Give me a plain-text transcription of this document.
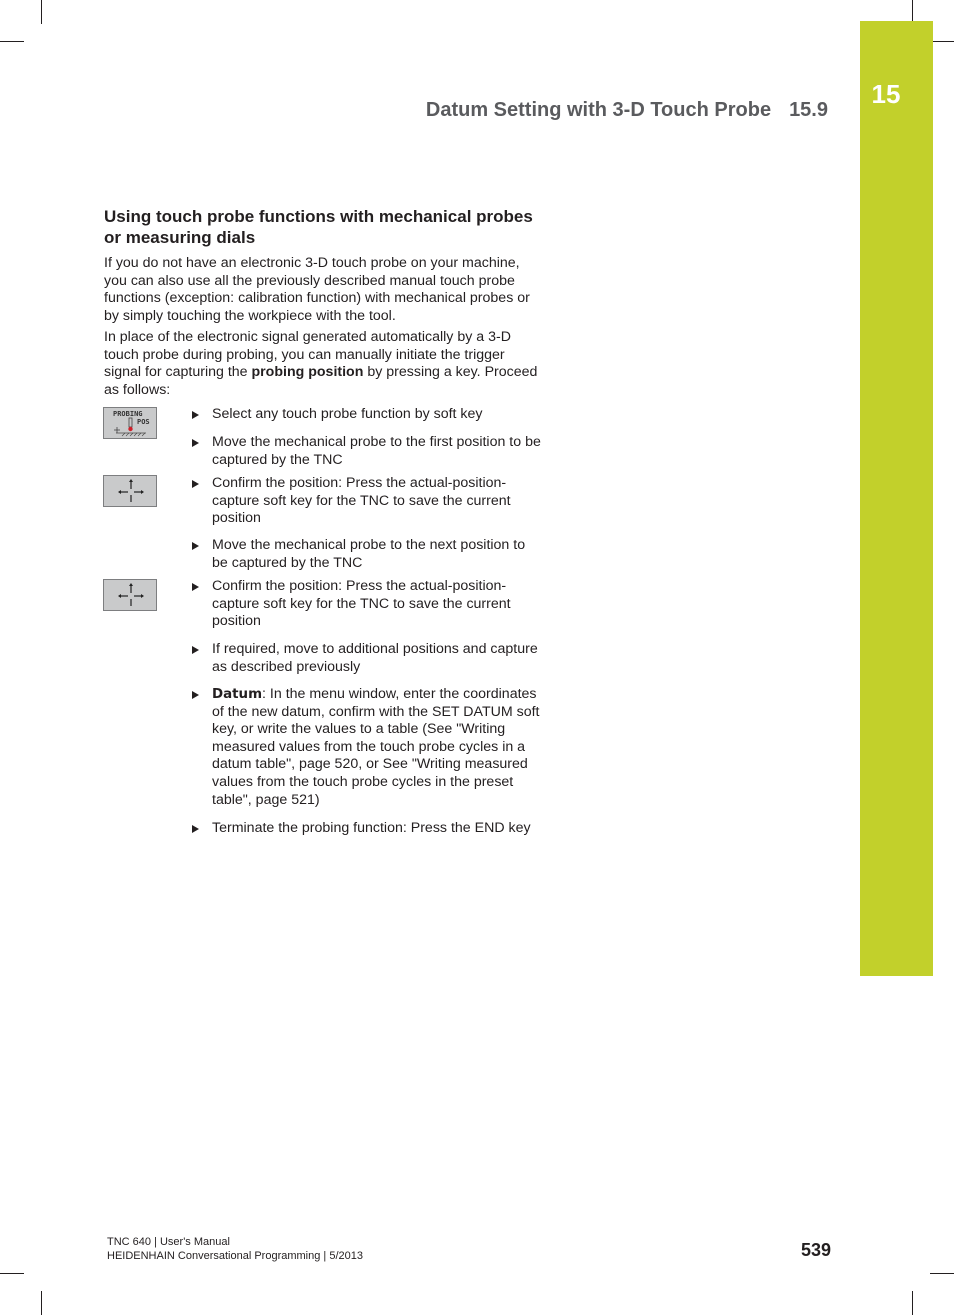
15
Datum Setting with 3-D Touch Probe 15.9
Using touch probe functions with mechanical probes or measuring dials
If you do not have an electronic 3-D touch probe on your machine, you can also use all the previously described manual touch probe functions (exception: calibration function) with mechanical probes or by simply touching the workpiece with the tool.
In place of the electronic signal generated automatically by a 3-D touch probe during probing, you can manually initiate the trigger signal for capturing the probing position by pressing a key. Proceed as follows:
PROBING
POS	Select any touch probe function by soft key
Move the mechanical probe to the first position to be captured by the TNC
Confirm the position: Press the actual-position-capture soft key for the TNC to save the current position
Move the mechanical probe to the next position to be captured by the TNC
Confirm the position: Press the actual-position-capture soft key for the TNC to save the current position
If required, move to additional positions and capture as described previously
Datum: In the menu window, enter the coordinates of the new datum, confirm with the SET DATUM soft key, or write the values to a table (See "Writing measured values from the touch probe cycles in a datum table", page 520, or See "Writing measured values from the touch probe cycles in the preset table", page 521)
Terminate the probing function: Press the END key
TNC 640 | User's Manual
HEIDENHAIN Conversational Programming | 5/2013	539
